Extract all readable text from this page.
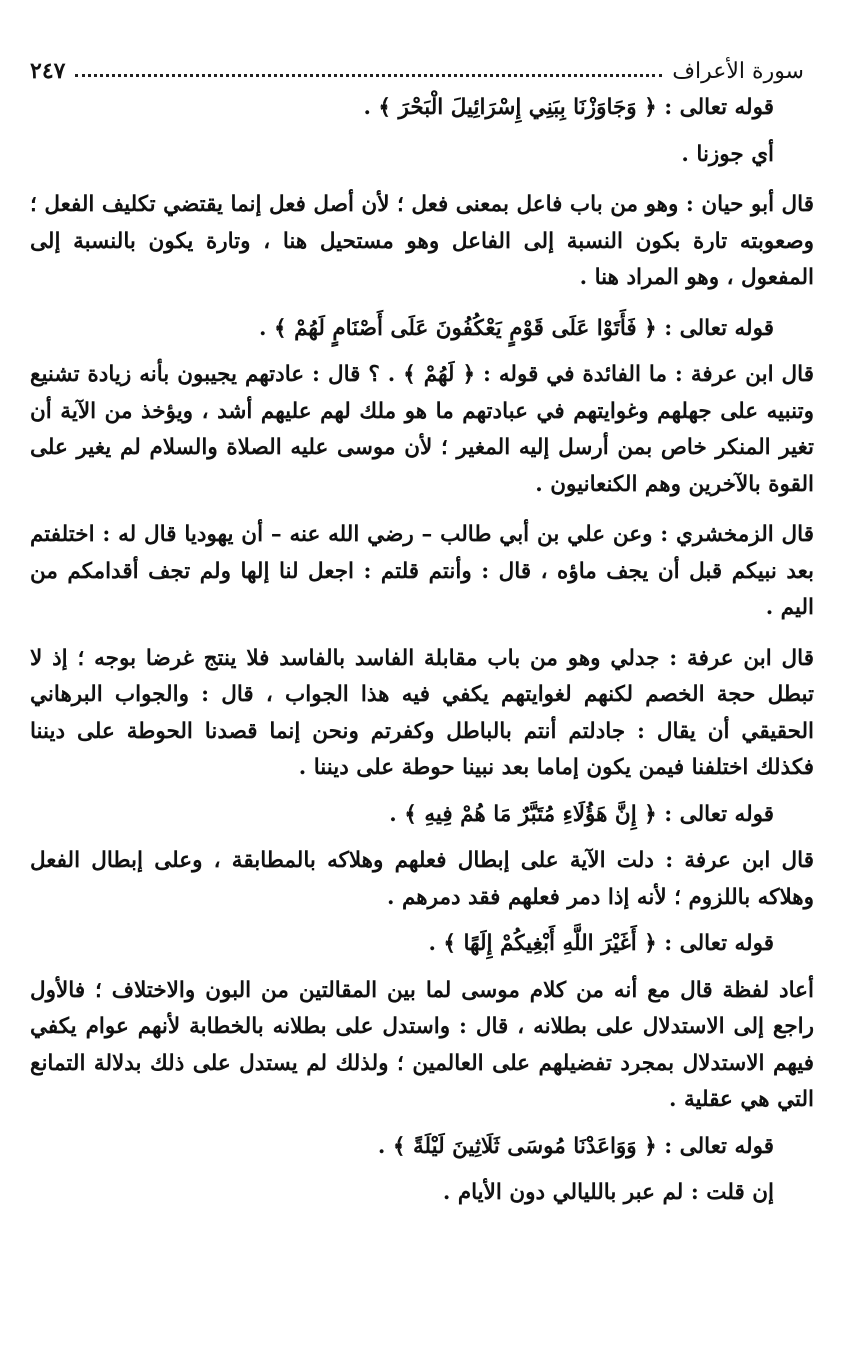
سورة الأعراف
٢٤٧

قوله تعالى : ﴿ وَجَاوَزْنَا بِبَنِي إِسْرَائِيلَ الْبَحْرَ ﴾ .

أي جوزنا .

قال أبو حيان : وهو من باب فاعل بمعنى فعل ؛ لأن أصل فعل إنما يقتضي تكليف الفعل ؛ وصعوبته تارة بكون النسبة إلى الفاعل وهو مستحيل هنا ، وتارة يكون بالنسبة إلى المفعول ، وهو المراد هنا .

قوله تعالى : ﴿ فَأَتَوْا عَلَى قَوْمٍ يَعْكُفُونَ عَلَى أَصْنَامٍ لَهُمْ ﴾ .

قال ابن عرفة : ما الفائدة في قوله : ﴿ لَهُمْ ﴾ . ؟ قال : عادتهم يجيبون بأنه زيادة تشنيع وتنبيه على جهلهم وغوايتهم في عبادتهم ما هو ملك لهم عليهم أشد ، ويؤخذ من الآية أن تغير المنكر خاص بمن أرسل إليه المغير ؛ لأن موسى عليه الصلاة والسلام لم يغير على القوة بالآخرين وهم الكنعانيون .

قال الزمخشري : وعن علي بن أبي طالب – رضي الله عنه – أن يهوديا قال له : اختلفتم بعد نبيكم قبل أن يجف ماؤه ، قال : وأنتم قلتم : اجعل لنا إلها ولم تجف أقدامكم من اليم .

قال ابن عرفة : جدلي وهو من باب مقابلة الفاسد بالفاسد فلا ينتج غرضا بوجه ؛ إذ لا تبطل حجة الخصم لكنهم لغوايتهم يكفي فيه هذا الجواب ، قال : والجواب البرهاني الحقيقي أن يقال : جادلتم أنتم بالباطل وكفرتم ونحن إنما قصدنا الحوطة على ديننا فكذلك اختلفنا فيمن يكون إماما بعد نبينا حوطة على ديننا .

قوله تعالى : ﴿ إِنَّ هَؤُلَاءِ مُتَبَّرٌ مَا هُمْ فِيهِ ﴾ .

قال ابن عرفة : دلت الآية على إبطال فعلهم وهلاكه بالمطابقة ، وعلى إبطال الفعل وهلاكه باللزوم ؛ لأنه إذا دمر فعلهم فقد دمرهم .

قوله تعالى : ﴿ أَغَيْرَ اللَّهِ أَبْغِيكُمْ إِلَهًا ﴾ .

أعاد لفظة قال مع أنه من كلام موسى لما بين المقالتين من البون والاختلاف ؛ فالأول راجع إلى الاستدلال على بطلانه ، قال : واستدل على بطلانه بالخطابة لأنهم عوام يكفي فيهم الاستدلال بمجرد تفضيلهم على العالمين ؛ ولذلك لم يستدل على ذلك بدلالة التمانع التي هي عقلية .

قوله تعالى : ﴿ وَوَاعَدْنَا مُوسَى ثَلَاثِينَ لَيْلَةً ﴾ .

إن قلت : لم عبر بالليالي دون الأيام .
